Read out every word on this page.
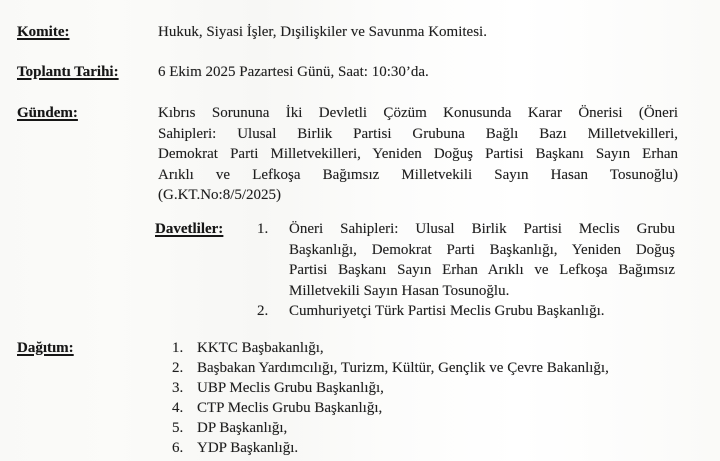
Komite:	Hukuk, Siyasi İşler, Dışilişkiler ve Savunma Komitesi.
Toplantı Tarihi:	6 Ekim 2025 Pazartesi Günü, Saat: 10:30’da.
Gündem:	Kıbrıs Sorununa İki Devletli Çözüm Konusunda Karar Önerisi (Öneri
Sahipleri: Ulusal Birlik Partisi Grubuna Bağlı Bazı Milletvekilleri,
Demokrat Parti Milletvekilleri, Yeniden Doğuş Partisi Başkanı Sayın Erhan
Arıklı ve Lefkoşa Bağımsız Milletvekili Sayın Hasan Tosunoğlu)
(G.KT.No:8/5/2025)
Davetliler: 1. Öneri Sahipleri: Ulusal Birlik Partisi Meclis Grubu
Başkanlığı, Demokrat Parti Başkanlığı, Yeniden Doğuş
Partisi Başkanı Sayın Erhan Arıklı ve Lefkoşa Bağımsız
Milletvekili Sayın Hasan Tosunoğlu.
2. Cumhuriyetçi Türk Partisi Meclis Grubu Başkanlığı.
Dağıtım:	1. KKTC Başbakanlığı,
2. Başbakan Yardımcılığı, Turizm, Kültür, Gençlik ve Çevre Bakanlığı,
3. UBP Meclis Grubu Başkanlığı,
4. CTP Meclis Grubu Başkanlığı,
5. DP Başkanlığı,
6. YDP Başkanlığı.
